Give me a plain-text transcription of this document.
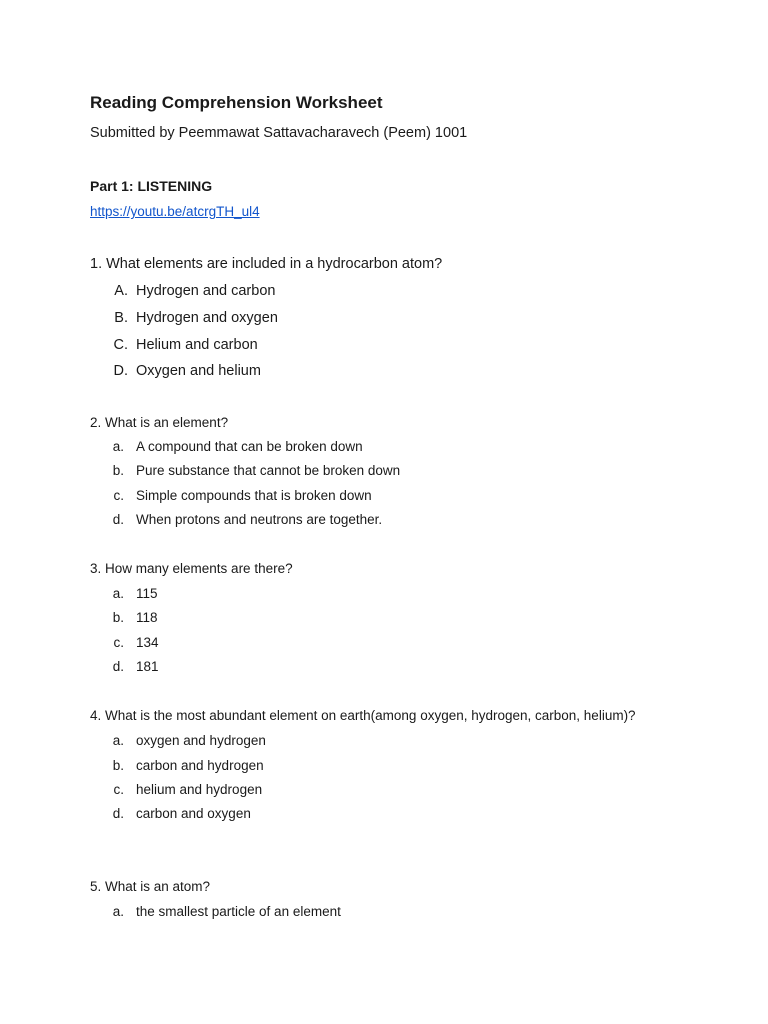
Reading Comprehension Worksheet
Submitted by Peemmawat Sattavacharavech (Peem) 1001
Part 1: LISTENING
https://youtu.be/atcrgTH_ul4
1. What elements are included in a hydrocarbon atom?
A. Hydrogen and carbon
B. Hydrogen and oxygen
C. Helium and carbon
D. Oxygen and helium
2. What is an element?
a. A compound that can be broken down
b. Pure substance that cannot be broken down
c. Simple compounds that is broken down
d. When protons and neutrons are together.
3. How many elements are there?
a. 115
b. 118
c. 134
d. 181
4. What is the most abundant element on earth(among oxygen, hydrogen, carbon, helium)?
a. oxygen and hydrogen
b. carbon and hydrogen
c. helium and hydrogen
d. carbon and oxygen
5. What is an atom?
a. the smallest particle of an element
